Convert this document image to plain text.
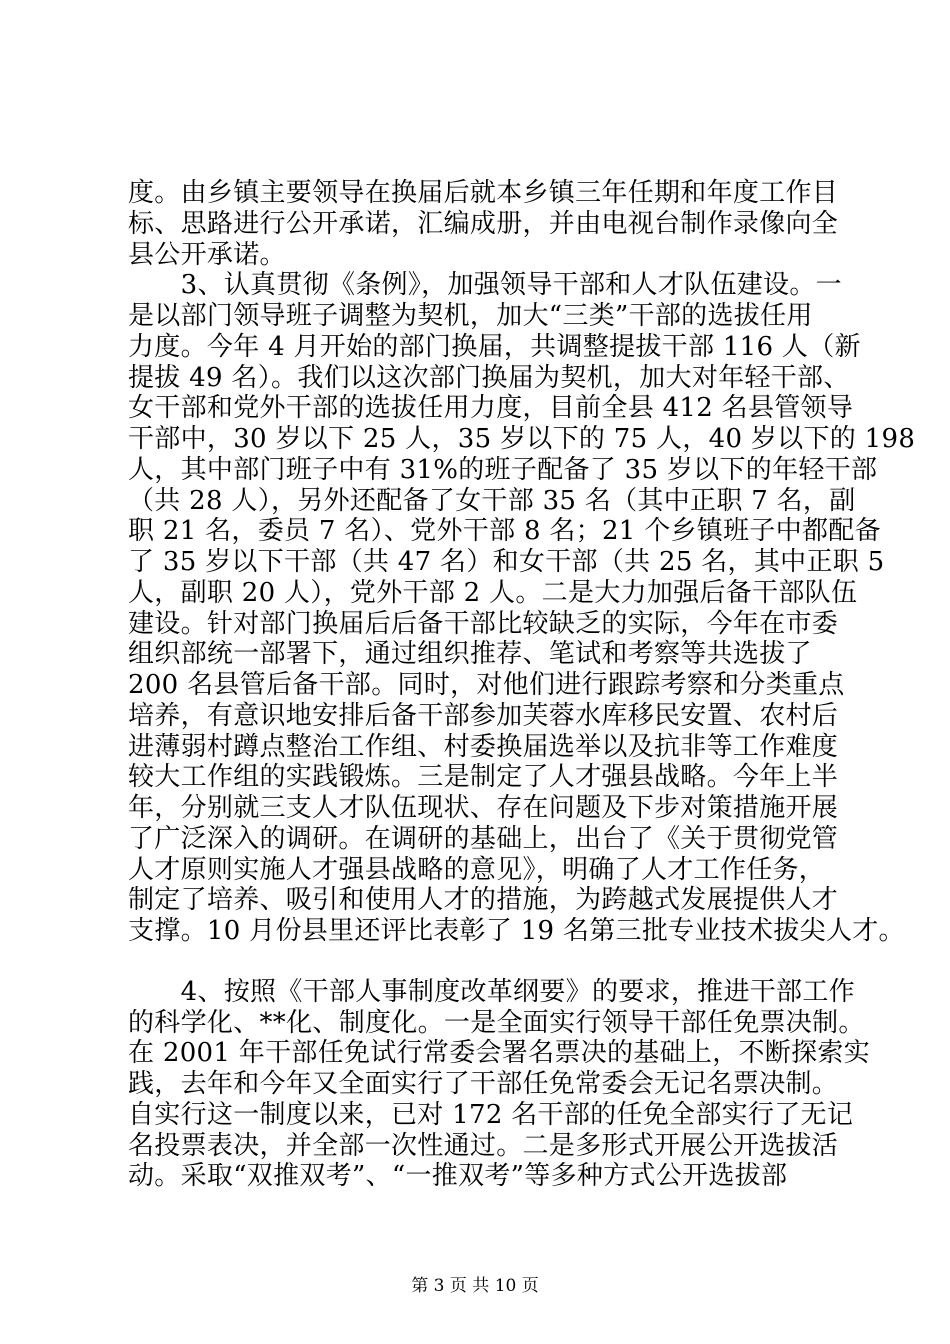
度。由乡镇主要领导在换届后就本乡镇三年任期和年度工作目
标、思路进行公开承诺，汇编成册，并由电视台制作录像向全
县公开承诺。
　　3、认真贯彻《条例》，加强领导干部和人才队伍建设。一
是以部门领导班子调整为契机，加大“三类”干部的选拔任用
力度。今年 4 月开始的部门换届，共调整提拔干部 116 人（新
提拔 49 名）。我们以这次部门换届为契机，加大对年轻干部、
女干部和党外干部的选拔任用力度，目前全县 412 名县管领导
干部中，30 岁以下 25 人，35 岁以下的 75 人，40 岁以下的 198
人，其中部门班子中有 31%的班子配备了 35 岁以下的年轻干部
（共 28 人），另外还配备了女干部 35 名（其中正职 7 名，副
职 21 名，委员 7 名）、党外干部 8 名；21 个乡镇班子中都配备
了 35 岁以下干部（共 47 名）和女干部（共 25 名，其中正职 5
人，副职 20 人），党外干部 2 人。二是大力加强后备干部队伍
建设。针对部门换届后后备干部比较缺乏的实际，今年在市委
组织部统一部署下，通过组织推荐、笔试和考察等共选拔了
200 名县管后备干部。同时，对他们进行跟踪考察和分类重点
培养，有意识地安排后备干部参加芙蓉水库移民安置、农村后
进薄弱村蹲点整治工作组、村委换届选举以及抗非等工作难度
较大工作组的实践锻炼。三是制定了人才强县战略。今年上半
年，分别就三支人才队伍现状、存在问题及下步对策措施开展
了广泛深入的调研。在调研的基础上，出台了《关于贯彻党管
人才原则实施人才强县战略的意见》，明确了人才工作任务，
制定了培养、吸引和使用人才的措施，为跨越式发展提供人才
支撑。10 月份县里还评比表彰了 19 名第三批专业技术拔尖人才。
　　4、按照《干部人事制度改革纲要》的要求，推进干部工作
的科学化、**化、制度化。一是全面实行领导干部任免票决制。
在 2001 年干部任免试行常委会署名票决的基础上，不断探索实
践，去年和今年又全面实行了干部任免常委会无记名票决制。
自实行这一制度以来，已对 172 名干部的任免全部实行了无记
名投票表决，并全部一次性通过。二是多形式开展公开选拔活
动。采取“双推双考”、“一推双考”等多种方式公开选拔部
第 3 页 共 10 页
